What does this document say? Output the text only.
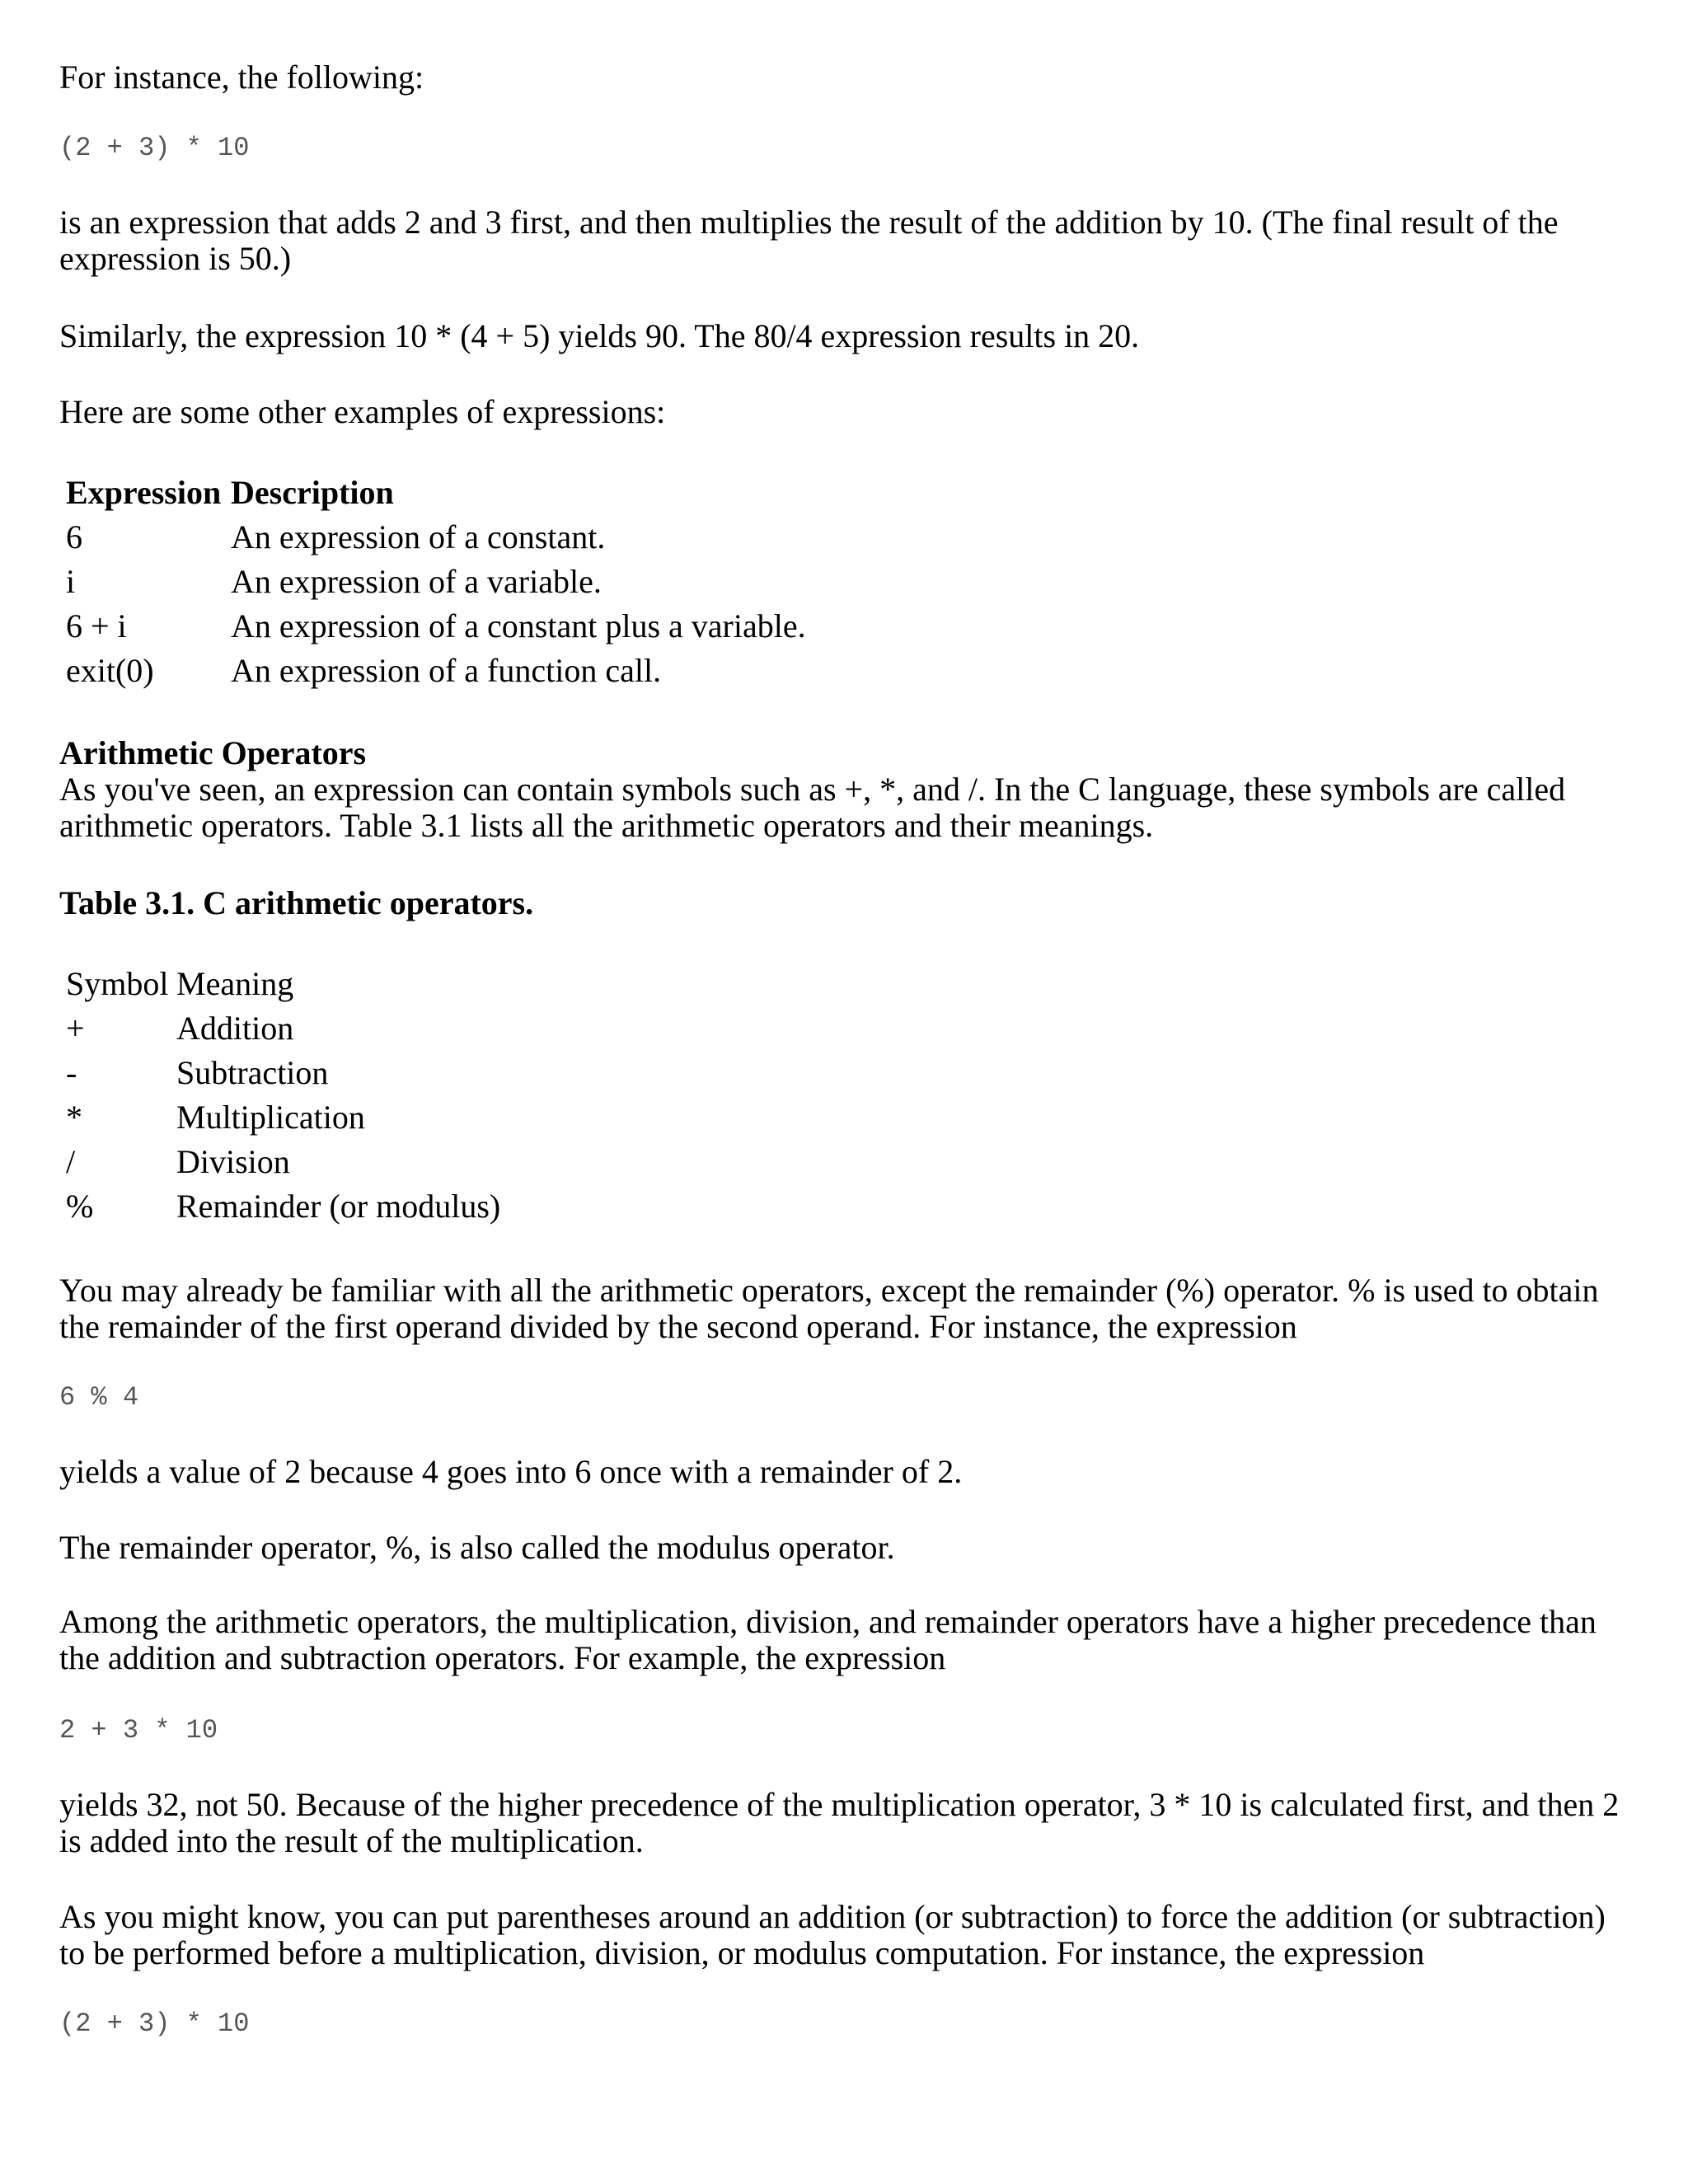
For instance, the following:

(2 + 3) * 10

is an expression that adds 2 and 3 first, and then multiplies the result of the addition by 10. (The final result of the expression is 50.)

Similarly, the expression 10 * (4 + 5) yields 90. The 80/4 expression results in 20.

Here are some other examples of expressions:

Expression	Description
6	An expression of a constant.
i	An expression of a variable.
6 + i	An expression of a constant plus a variable.
exit(0)	An expression of a function call.
Arithmetic Operators

As you've seen, an expression can contain symbols such as +, *, and /. In the C language, these symbols are called arithmetic operators. Table 3.1 lists all the arithmetic operators and their meanings.

Table 3.1. C arithmetic operators.
Symbol	Meaning
+	Addition
-	Subtraction
*	Multiplication
/	Division
%	Remainder (or modulus)

You may already be familiar with all the arithmetic operators, except the remainder (%) operator. % is used to obtain the remainder of the first operand divided by the second operand. For instance, the expression

6 % 4

yields a value of 2 because 4 goes into 6 once with a remainder of 2.

The remainder operator, %, is also called the modulus operator.

Among the arithmetic operators, the multiplication, division, and remainder operators have a higher precedence than the addition and subtraction operators. For example, the expression

2 + 3 * 10

yields 32, not 50. Because of the higher precedence of the multiplication operator, 3 * 10 is calculated first, and then 2 is added into the result of the multiplication.

As you might know, you can put parentheses around an addition (or subtraction) to force the addition (or subtraction) to be performed before a multiplication, division, or modulus computation. For instance, the expression

(2 + 3) * 10
